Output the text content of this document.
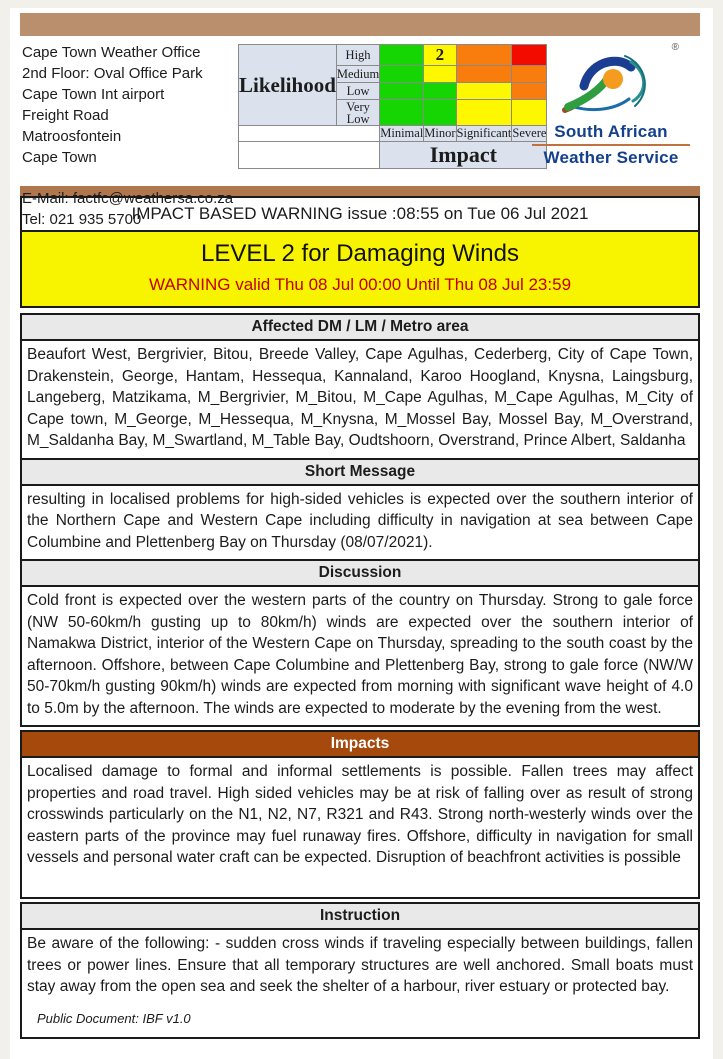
Cape Town Weather Office
2nd Floor: Oval Office Park
Cape Town Int airport
Freight Road
Matroosfontein
Cape Town
E-Mail: factfc@weathersa.co.za
Tel: 021 935 5700
Likelihood	High		2		
	Medium				
	Low				
	Very Low				
		Minimal	Minor	Significant	Severe
		Impact			
®
South African
Weather Service
IMPACT BASED WARNING issue :08:55 on Tue 06 Jul 2021
LEVEL 2 for Damaging Winds
WARNING valid Thu 08 Jul 00:00 Until Thu 08 Jul 23:59
Affected DM / LM / Metro area
Beaufort West, Bergrivier, Bitou, Breede Valley, Cape Agulhas, Cederberg, City of Cape Town, Drakenstein, George, Hantam, Hessequa, Kannaland, Karoo Hoogland, Knysna, Laingsburg, Langeberg, Matzikama, M_Bergrivier, M_Bitou, M_Cape Agulhas, M_Cape Agulhas, M_City of Cape town, M_George, M_Hessequa, M_Knysna, M_Mossel Bay, Mossel Bay, M_Overstrand, M_Saldanha Bay, M_Swartland, M_Table Bay, Oudtshoorn, Overstrand, Prince Albert, Saldanha
Short Message
resulting in localised problems for high-sided vehicles is expected over the southern interior of the Northern Cape and Western Cape including difficulty in navigation at sea between Cape Columbine and Plettenberg Bay on Thursday (08/07/2021).
Discussion
Cold front is expected over the western parts of the country on Thursday. Strong to gale force (NW 50-60km/h gusting up to 80km/h) winds are expected over the southern interior of Namakwa District, interior of the Western Cape on Thursday, spreading to the south coast by the afternoon. Offshore, between Cape Columbine and Plettenberg Bay, strong to gale force (NW/W 50-70km/h gusting 90km/h) winds are expected from morning with significant wave height of 4.0 to 5.0m by the afternoon. The winds are expected to moderate by the evening from the west.
Impacts
Localised damage to formal and informal settlements is possible. Fallen trees may affect properties and road travel. High sided vehicles may be at risk of falling over as result of strong crosswinds particularly on the N1, N2, N7, R321 and R43. Strong north-westerly winds over the eastern parts of the province may fuel runaway fires. Offshore, difficulty in navigation for small vessels and personal water craft can be expected. Disruption of beachfront activities is possible
Instruction
Be aware of the following: - sudden cross winds if traveling especially between buildings, fallen trees or power lines. Ensure that all temporary structures are well anchored. Small boats must stay away from the open sea and seek the shelter of a harbour, river estuary or protected bay.
Public Document: IBF v1.0
